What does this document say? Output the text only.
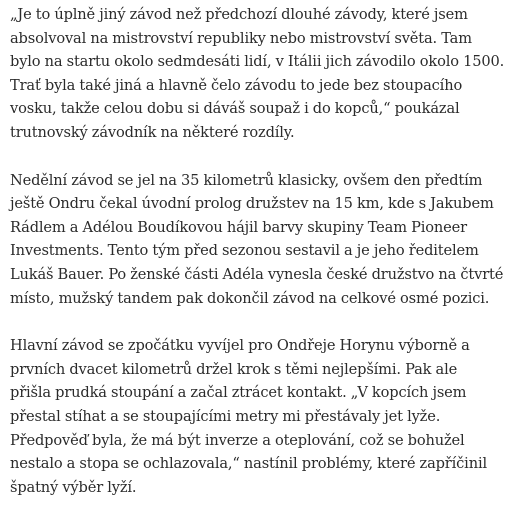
„Je to úplně jiný závod než předchozí dlouhé závody, které jsem
absolvoval na mistrovství republiky nebo mistrovství světa. Tam
bylo na startu okolo sedmdesáti lidí, v Itálii jich závodilo okolo 1500.
Trať byla také jiná a hlavně čelo závodu to jede bez stoupacího
vosku, takže celou dobu si dáváš soupaž i do kopců,“ poukázal
trutnovský závodník na některé rozdíly.

Nedělní závod se jel na 35 kilometrů klasicky, ovšem den předtím
ještě Ondru čekal úvodní prolog družstev na 15 km, kde s Jakubem
Rádlem a Adélou Boudíkovou hájil barvy skupiny Team Pioneer
Investments. Tento tým před sezonou sestavil a je jeho ředitelem
Lukáš Bauer. Po ženské části Adéla vynesla české družstvo na čtvrté
místo, mužský tandem pak dokončil závod na celkové osmé pozici.

Hlavní závod se zpočátku vyvíjel pro Ondřeje Horynu výborně a
prvních dvacet kilometrů držel krok s těmi nejlepšími. Pak ale
přišla prudká stoupání a začal ztrácet kontakt. „V kopcích jsem
přestal stíhat a se stoupajícími metry mi přestávaly jet lyže.
Předpověď byla, že má být inverze a oteplování, což se bohužel
nestalo a stopa se ochlazovala,“ nastínil problémy, které zapříčinil
špatný výběr lyží.
